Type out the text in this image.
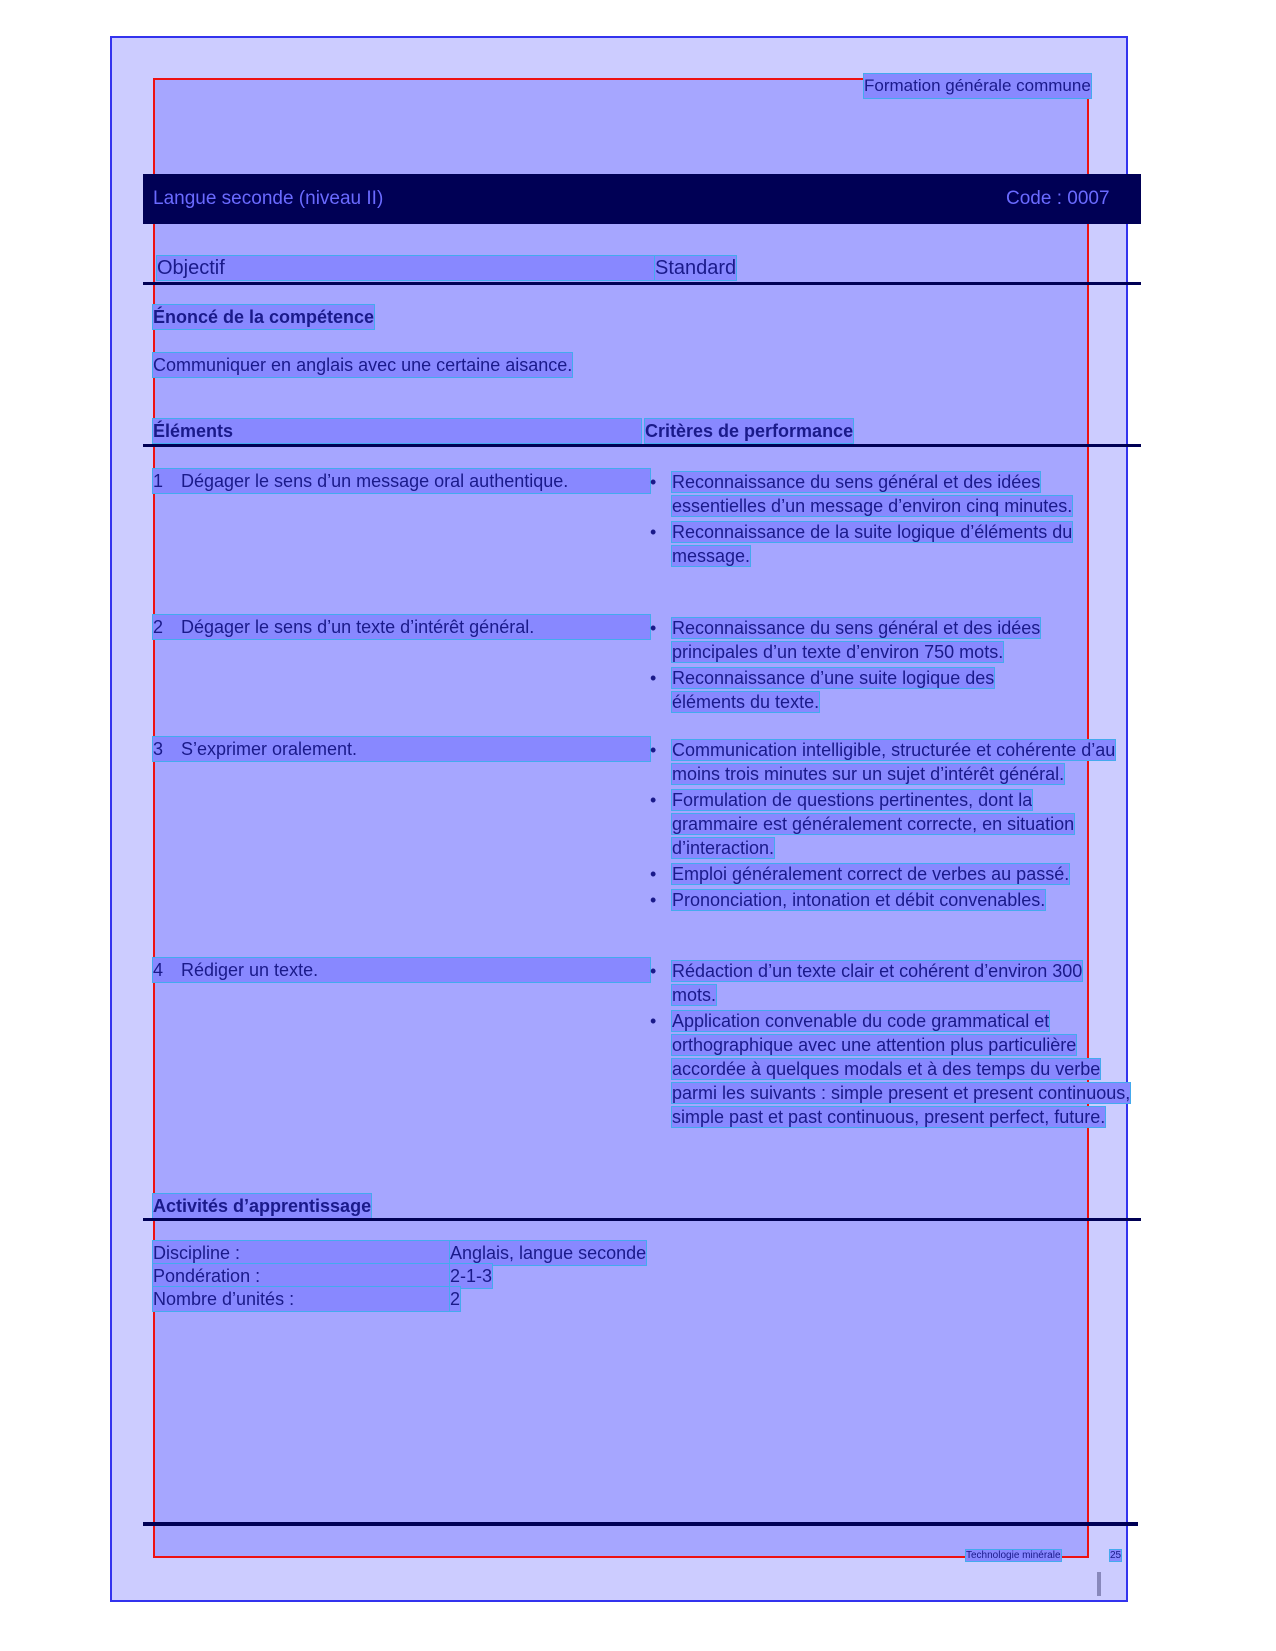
Formation générale commune
Langue seconde (niveau II)	Code : 0007
Objectif	Standard
Énoncé de la compétence
Communiquer en anglais avec une certaine aisance.
Éléments	Critères de performance
1 Dégager le sens d’un message oral authentique.	• Reconnaissance du sens général et des idées essentielles d’un message d’environ cinq minutes.
• Reconnaissance de la suite logique d’éléments du message.
2 Dégager le sens d’un texte d’intérêt général.	• Reconnaissance du sens général et des idées principales d’un texte d’environ 750 mots.
• Reconnaissance d’une suite logique des éléments du texte.
3 S’exprimer oralement.	• Communication intelligible, structurée et cohérente d’au moins trois minutes sur un sujet d’intérêt général.
• Formulation de questions pertinentes, dont la grammaire est généralement correcte, en situation d’interaction.
• Emploi généralement correct de verbes au passé.
• Prononciation, intonation et débit convenables.
4 Rédiger un texte.	• Rédaction d’un texte clair et cohérent d’environ 300 mots.
• Application convenable du code grammatical et orthographique avec une attention plus particulière accordée à quelques modals et à des temps du verbe parmi les suivants : simple present et present continuous, simple past et past continuous, present perfect, future.
Activités d’apprentissage
Discipline :	Anglais, langue seconde
Pondération :	2-1-3
Nombre d’unités :	2
Technologie minérale	25
